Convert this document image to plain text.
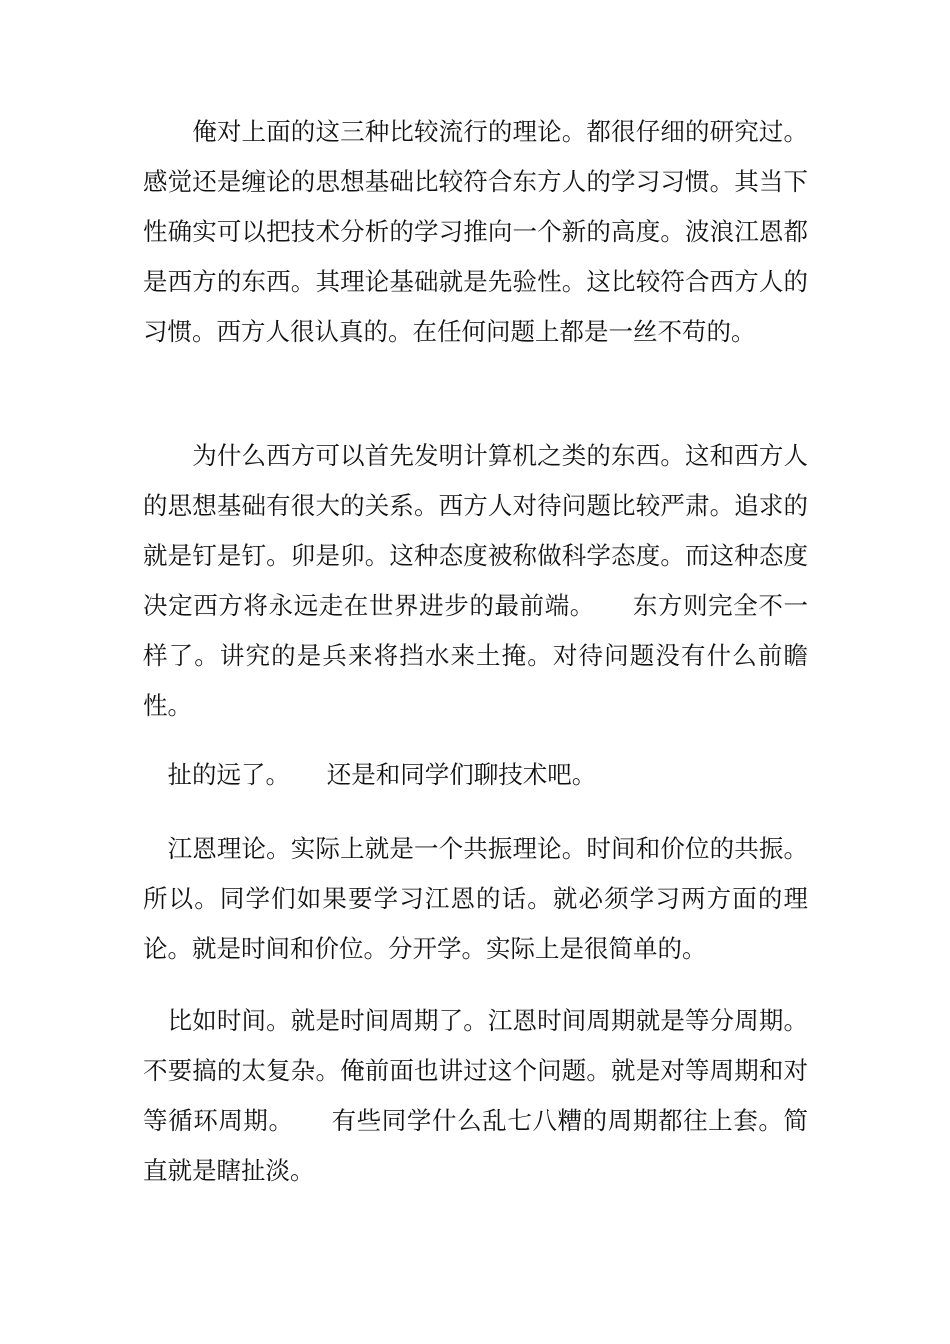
　　俺对上面的这三种比较流行的理论。都很仔细的研究过。感觉还是缠论的思想基础比较符合东方人的学习习惯。其当下性确实可以把技术分析的学习推向一个新的高度。波浪江恩都是西方的东西。其理论基础就是先验性。这比较符合西方人的习惯。西方人很认真的。在任何问题上都是一丝不苟的。

　　为什么西方可以首先发明计算机之类的东西。这和西方人的思想基础有很大的关系。西方人对待问题比较严肃。追求的就是钉是钉。卯是卯。这种态度被称做科学态度。而这种态度决定西方将永远走在世界进步的最前端。　　东方则完全不一样了。讲究的是兵来将挡水来土掩。对待问题没有什么前瞻性。

　扯的远了。　　还是和同学们聊技术吧。

　江恩理论。实际上就是一个共振理论。时间和价位的共振。所以。同学们如果要学习江恩的话。就必须学习两方面的理论。就是时间和价位。分开学。实际上是很简单的。

　比如时间。就是时间周期了。江恩时间周期就是等分周期。不要搞的太复杂。俺前面也讲过这个问题。就是对等周期和对等循环周期。　　有些同学什么乱七八糟的周期都往上套。简直就是瞎扯淡。
